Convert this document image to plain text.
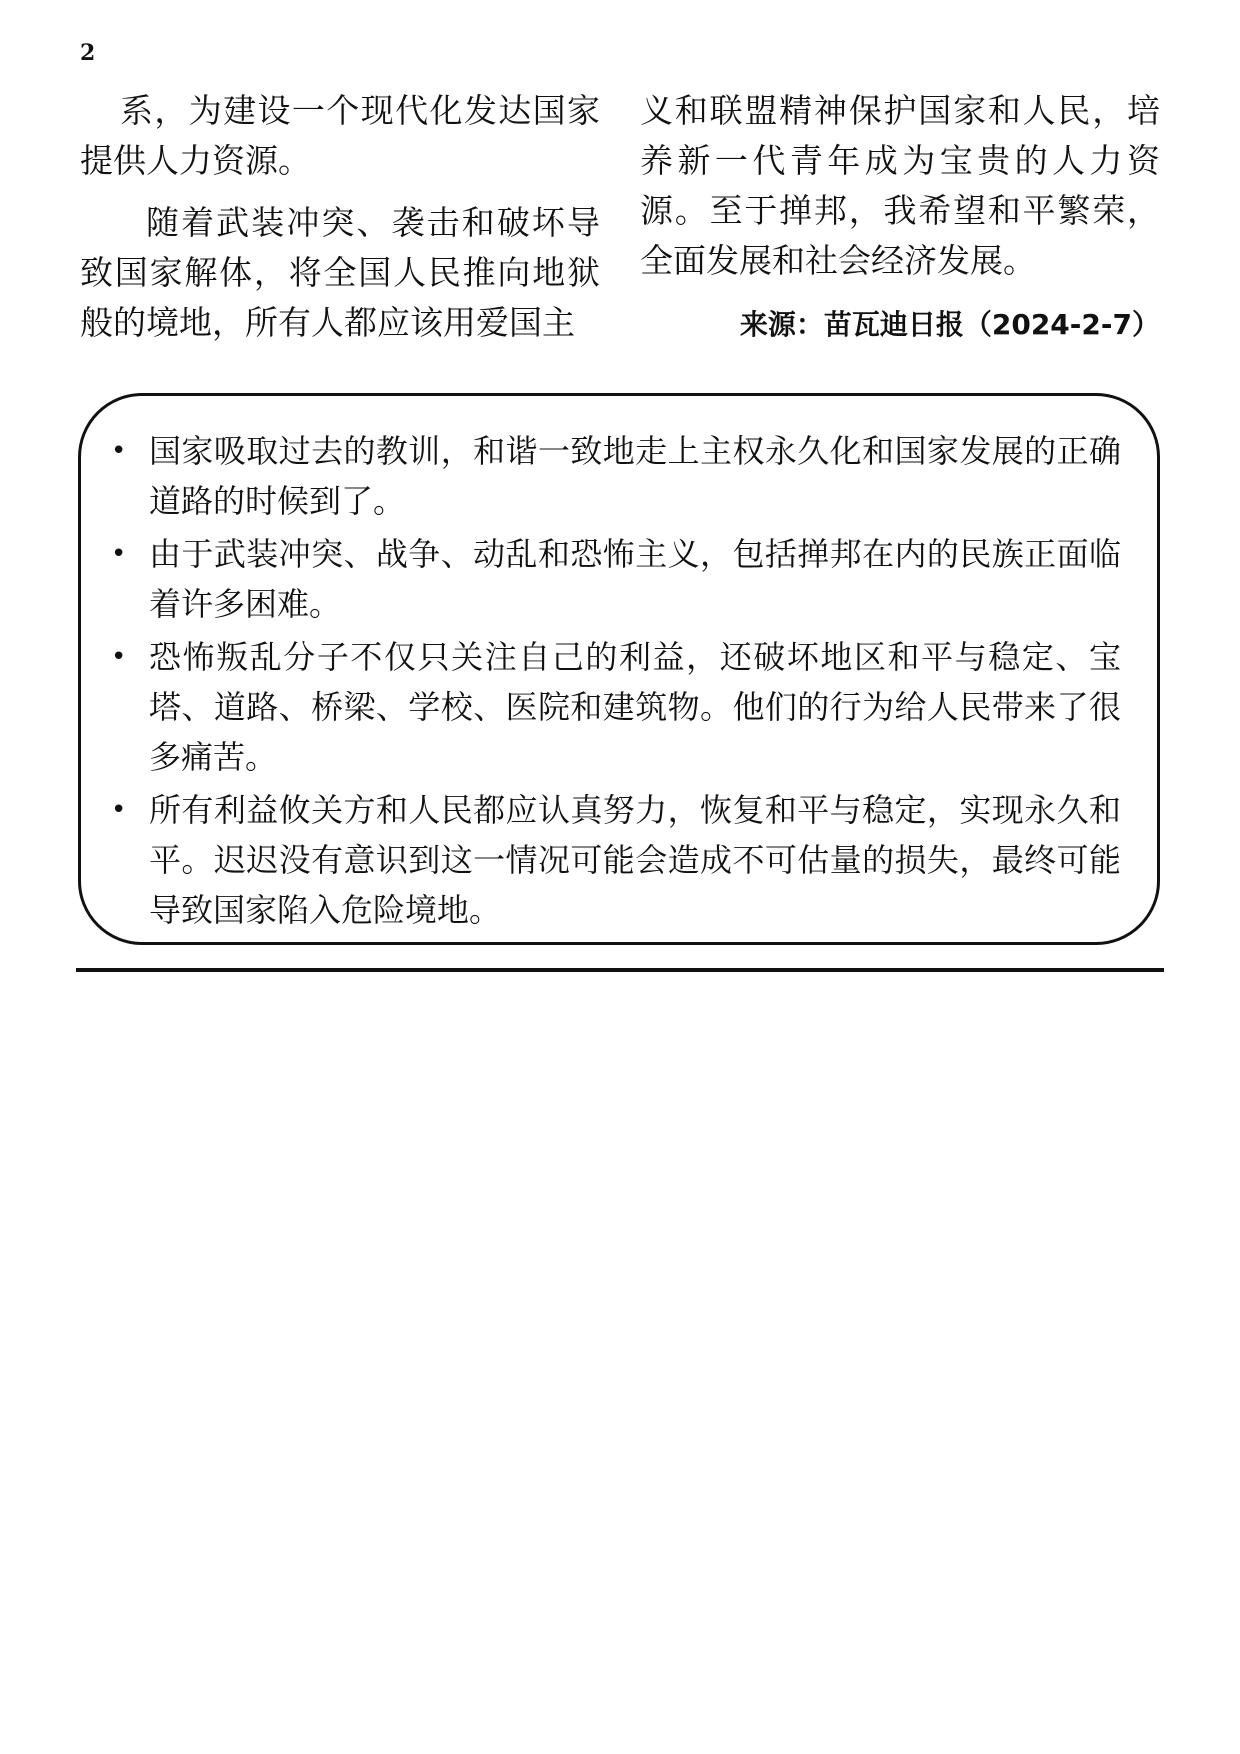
2

系，为建设一个现代化发达国家提供人力资源。

随着武装冲突、袭击和破坏导致国家解体，将全国人民推向地狱般的境地，所有人都应该用爱国主

义和联盟精神保护国家和人民，培养新一代青年成为宝贵的人力资源。至于掸邦，我希望和平繁荣，全面发展和社会经济发展。

来源：苗瓦迪日报（2024-2-7）

• 国家吸取过去的教训，和谐一致地走上主权永久化和国家发展的正确道路的时候到了。
• 由于武装冲突、战争、动乱和恐怖主义，包括掸邦在内的民族正面临着许多困难。
• 恐怖叛乱分子不仅只关注自己的利益，还破坏地区和平与稳定、宝塔、道路、桥梁、学校、医院和建筑物。他们的行为给人民带来了很多痛苦。
• 所有利益攸关方和人民都应认真努力，恢复和平与稳定，实现永久和平。迟迟没有意识到这一情况可能会造成不可估量的损失，最终可能导致国家陷入危险境地。
